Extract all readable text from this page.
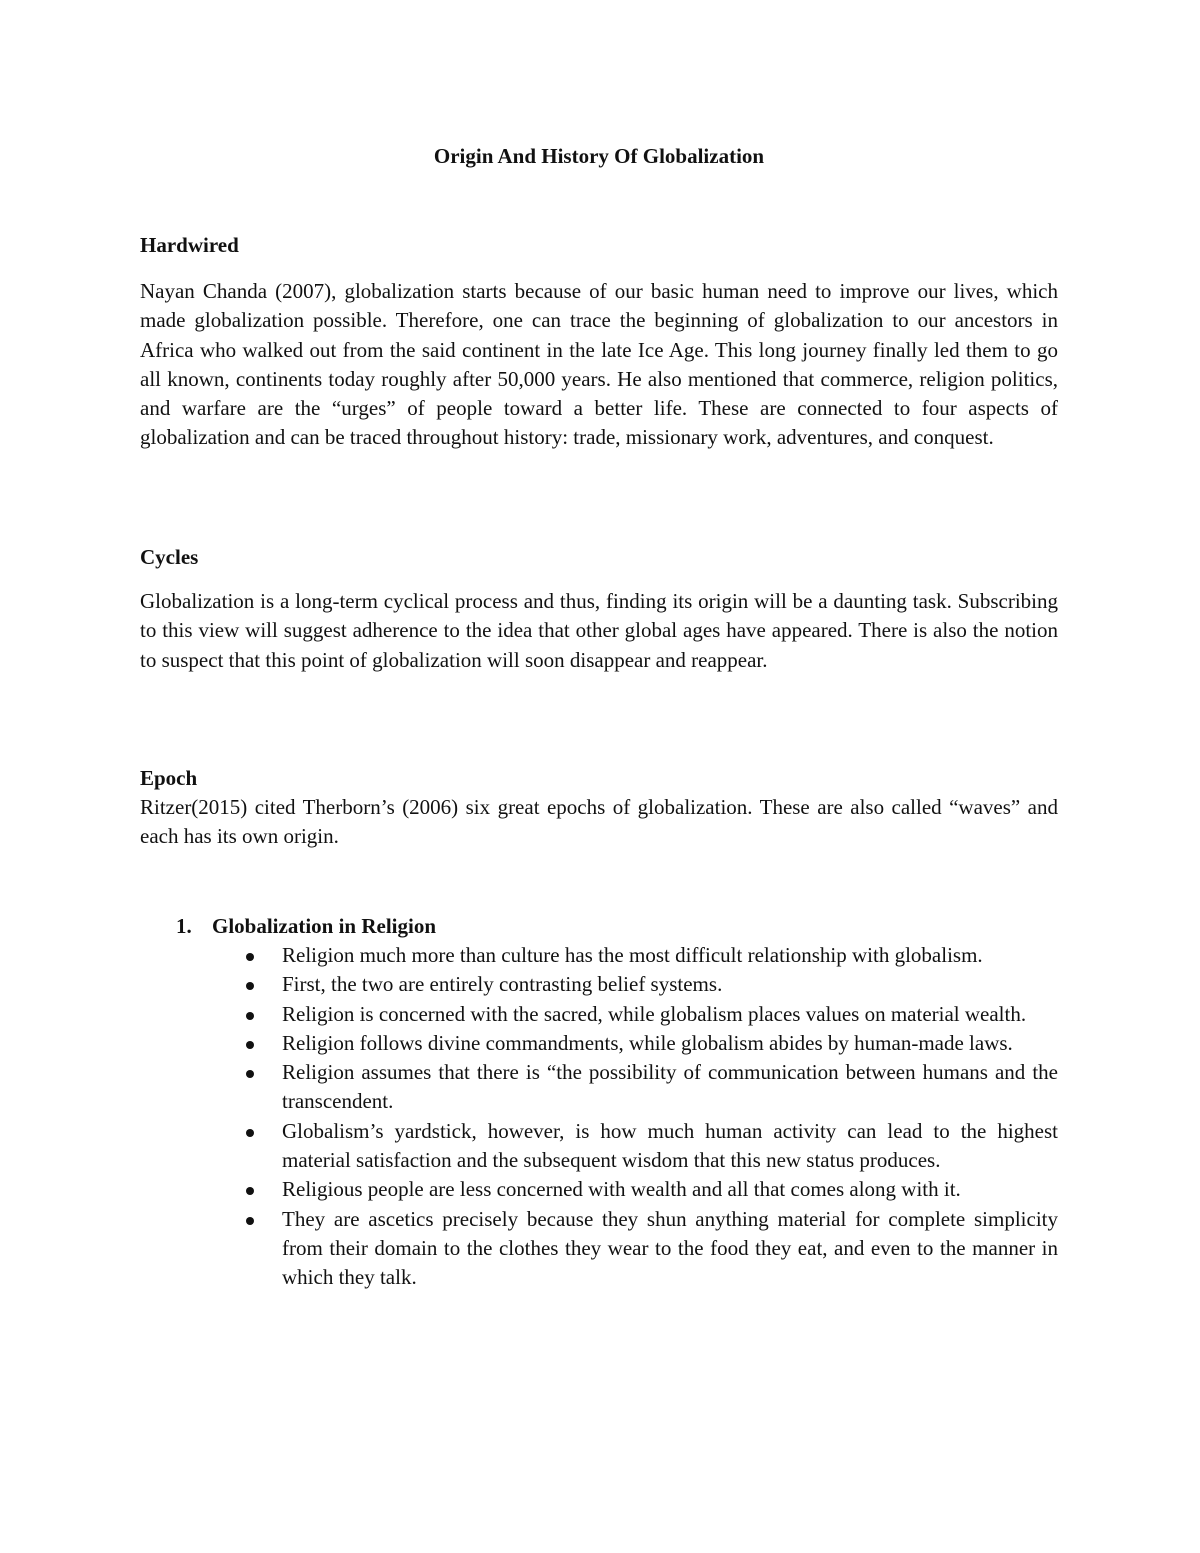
Origin And History Of Globalization
Hardwired

Nayan Chanda (2007), globalization starts because of our basic human need to improve our lives, which made globalization possible. Therefore, one can trace the beginning of globalization to our ancestors in Africa who walked out from the said continent in the late Ice Age. This long journey finally led them to go all known, continents today roughly after 50,000 years. He also mentioned that commerce, religion politics, and warfare are the “urges” of people toward a better life. These are connected to four aspects of globalization and can be traced throughout history: trade, missionary work, adventures, and conquest.

Cycles

Globalization is a long-term cyclical process and thus, finding its origin will be a daunting task. Subscribing to this view will suggest adherence to the idea that other global ages have appeared. There is also the notion to suspect that this point of globalization will soon disappear and reappear.

Epoch

Ritzer(2015) cited Therborn’s (2006) six great epochs of globalization. These are also called “waves” and each has its own origin.

1. Globalization in Religion
Religion much more than culture has the most difficult relationship with globalism.
First, the two are entirely contrasting belief systems.
Religion is concerned with the sacred, while globalism places values on material wealth.
Religion follows divine commandments, while globalism abides by human-made laws.
Religion assumes that there is “the possibility of communication between humans and the transcendent.
Globalism’s yardstick, however, is how much human activity can lead to the highest material satisfaction and the subsequent wisdom that this new status produces.
Religious people are less concerned with wealth and all that comes along with it.
They are ascetics precisely because they shun anything material for complete simplicity from their domain to the clothes they wear to the food they eat, and even to the manner in which they talk.
